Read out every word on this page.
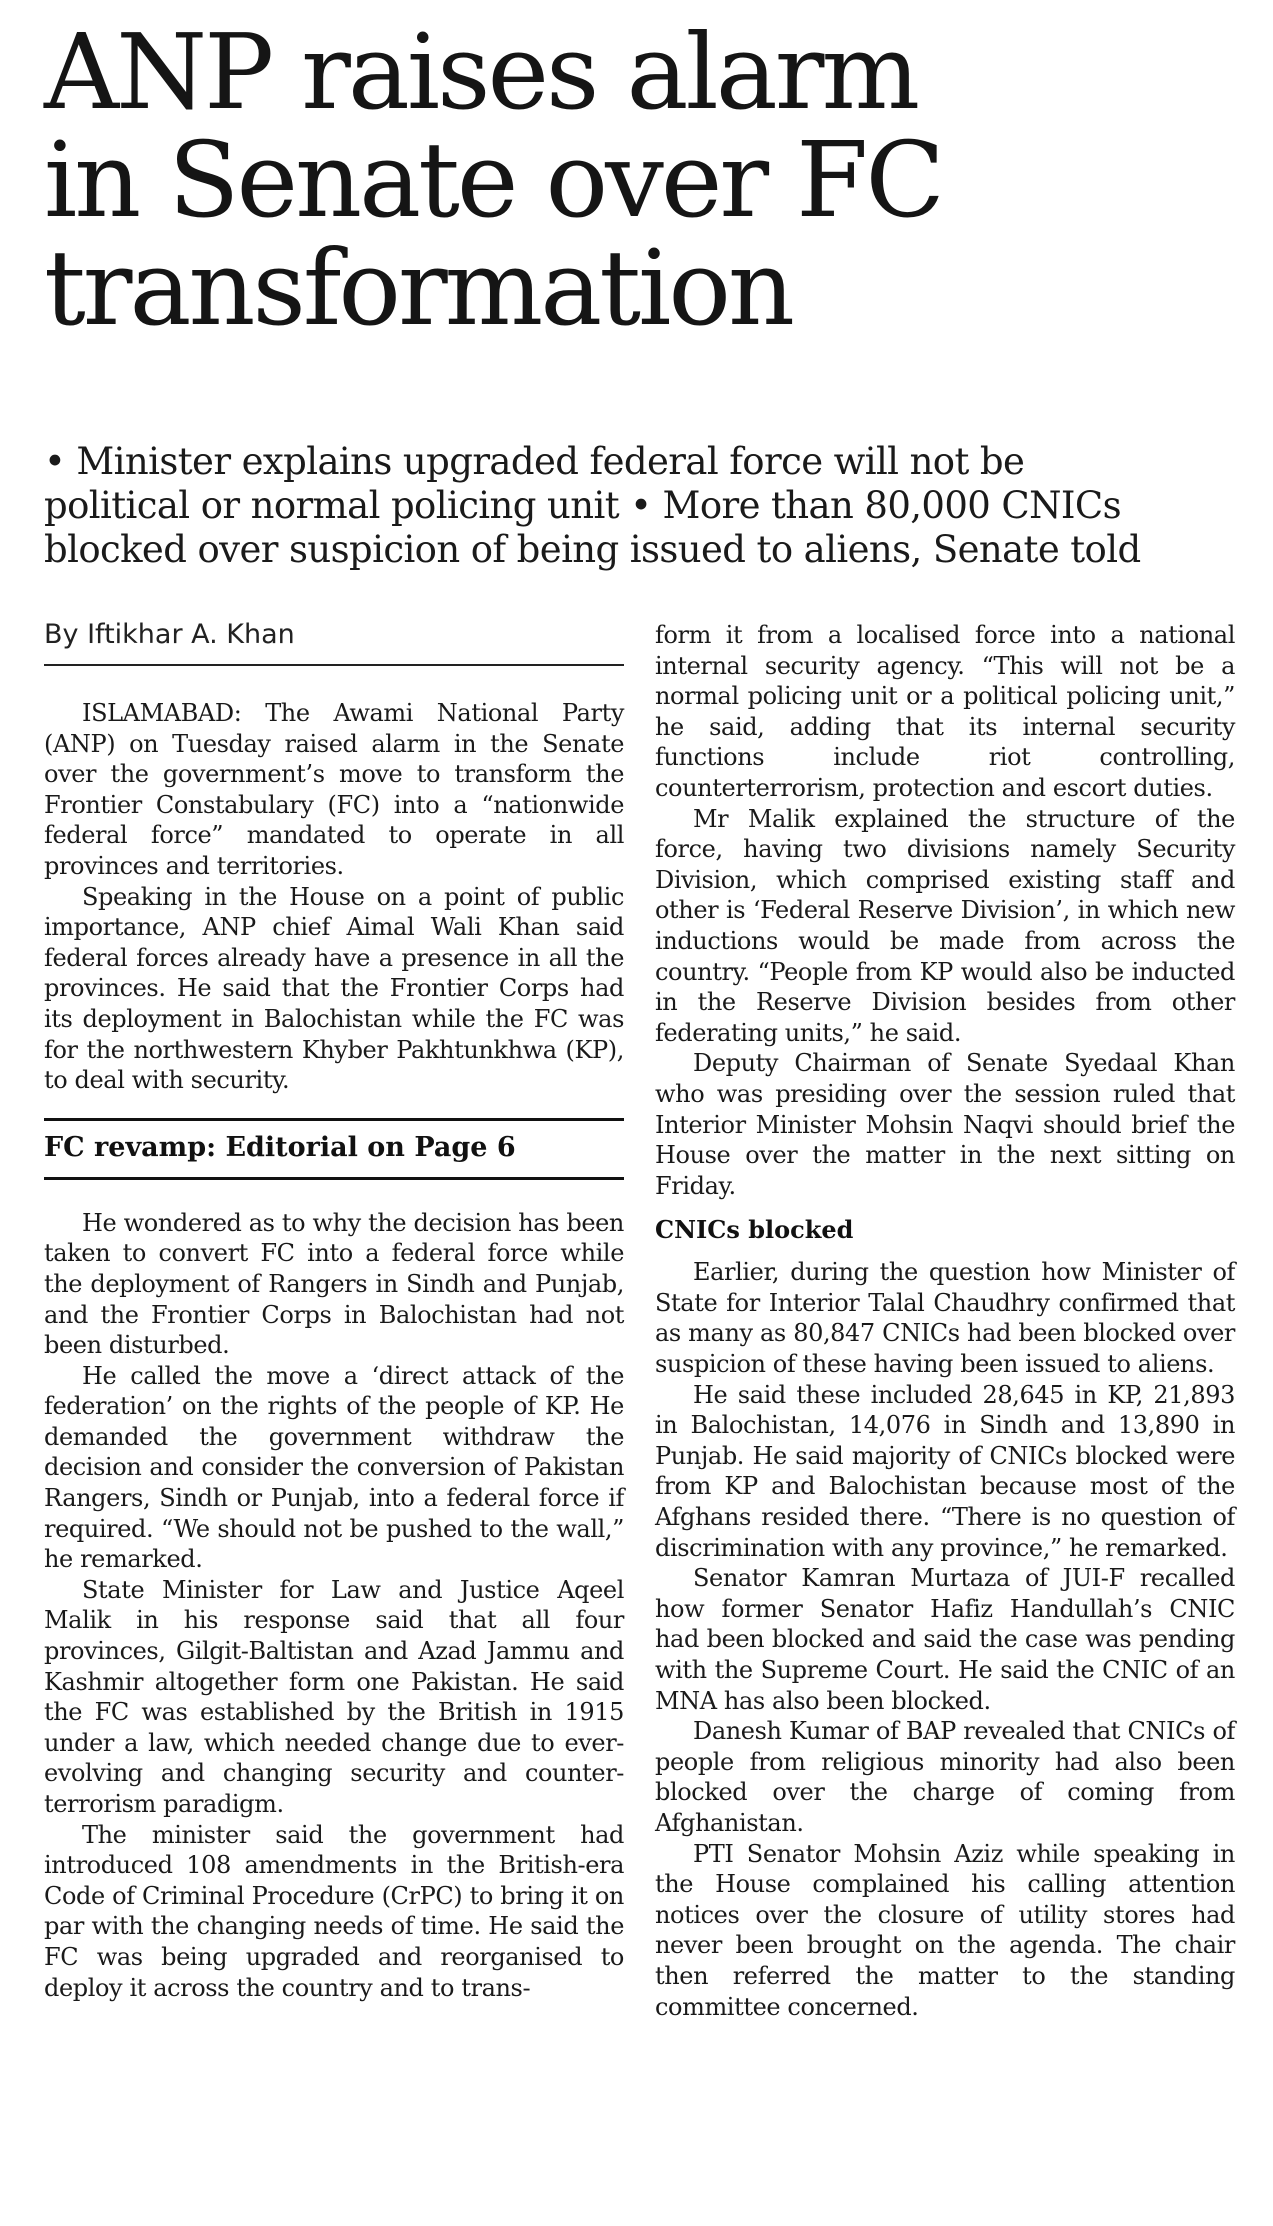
ANP raises alarm
in Senate over FC
transformation
• Minister explains upgraded federal force will not be
political or normal policing unit • More than 80,000 CNICs
blocked over suspicion of being issued to aliens, Senate told
By Iftikhar A. Khan

ISLAMABAD: The Awami National Party (ANP) on Tuesday raised alarm in the Senate over the government’s move to transform the Frontier Constabulary (FC) into a “nationwide federal force” mandated to operate in all provinces and territories.

Speaking in the House on a point of public importance, ANP chief Aimal Wali Khan said federal forces already have a presence in all the provinces. He said that the Frontier Corps had its deployment in Balochistan while the FC was for the northwestern Khyber Pakhtunkhwa (KP), to deal with security.

FC revamp: Editorial on Page 6

He wondered as to why the decision has been taken to convert FC into a federal force while the deployment of Rangers in Sindh and Punjab, and the Frontier Corps in Balochistan had not been disturbed.

He called the move a ‘direct attack of the federation’ on the rights of the people of KP. He demanded the government withdraw the decision and consider the conversion of Pakistan Rangers, Sindh or Punjab, into a federal force if required. “We should not be pushed to the wall,” he remarked.

State Minister for Law and Justice Aqeel Malik in his response said that all four provinces, Gilgit-Baltistan and Azad Jammu and Kashmir altogether form one Pakistan. He said the FC was established by the British in 1915 under a law, which needed change due to ever-evolving and changing security and counter-terrorism paradigm.

The minister said the government had introduced 108 amendments in the British-era Code of Criminal Procedure (CrPC) to bring it on par with the changing needs of time. He said the FC was being upgraded and reorganised to deploy it across the country and to trans-

form it from a localised force into a national internal security agency. “This will not be a normal policing unit or a political policing unit,” he said, adding that its internal security functions include riot controlling, counterterrorism, protection and escort duties.

Mr Malik explained the structure of the force, having two divisions namely Security Division, which comprised existing staff and other is ‘Federal Reserve Division’, in which new inductions would be made from across the country. “People from KP would also be inducted in the Reserve Division besides from other federating units,” he said.

Deputy Chairman of Senate Syedaal Khan who was presiding over the session ruled that Interior Minister Mohsin Naqvi should brief the House over the matter in the next sitting on Friday.

CNICs blocked

Earlier, during the question how Minister of State for Interior Talal Chaudhry confirmed that as many as 80,847 CNICs had been blocked over suspicion of these having been issued to aliens.

He said these included 28,645 in KP, 21,893 in Balochistan, 14,076 in Sindh and 13,890 in Punjab. He said majority of CNICs blocked were from KP and Balochistan because most of the Afghans resided there. “There is no question of discrimination with any province,” he remarked.

Senator Kamran Murtaza of JUI-F recalled how former Senator Hafiz Handullah’s CNIC had been blocked and said the case was pending with the Supreme Court. He said the CNIC of an MNA has also been blocked.

Danesh Kumar of BAP revealed that CNICs of people from religious minority had also been blocked over the charge of coming from Afghanistan.

PTI Senator Mohsin Aziz while speaking in the House complained his calling attention notices over the closure of utility stores had never been brought on the agenda. The chair then referred the matter to the standing committee concerned.
